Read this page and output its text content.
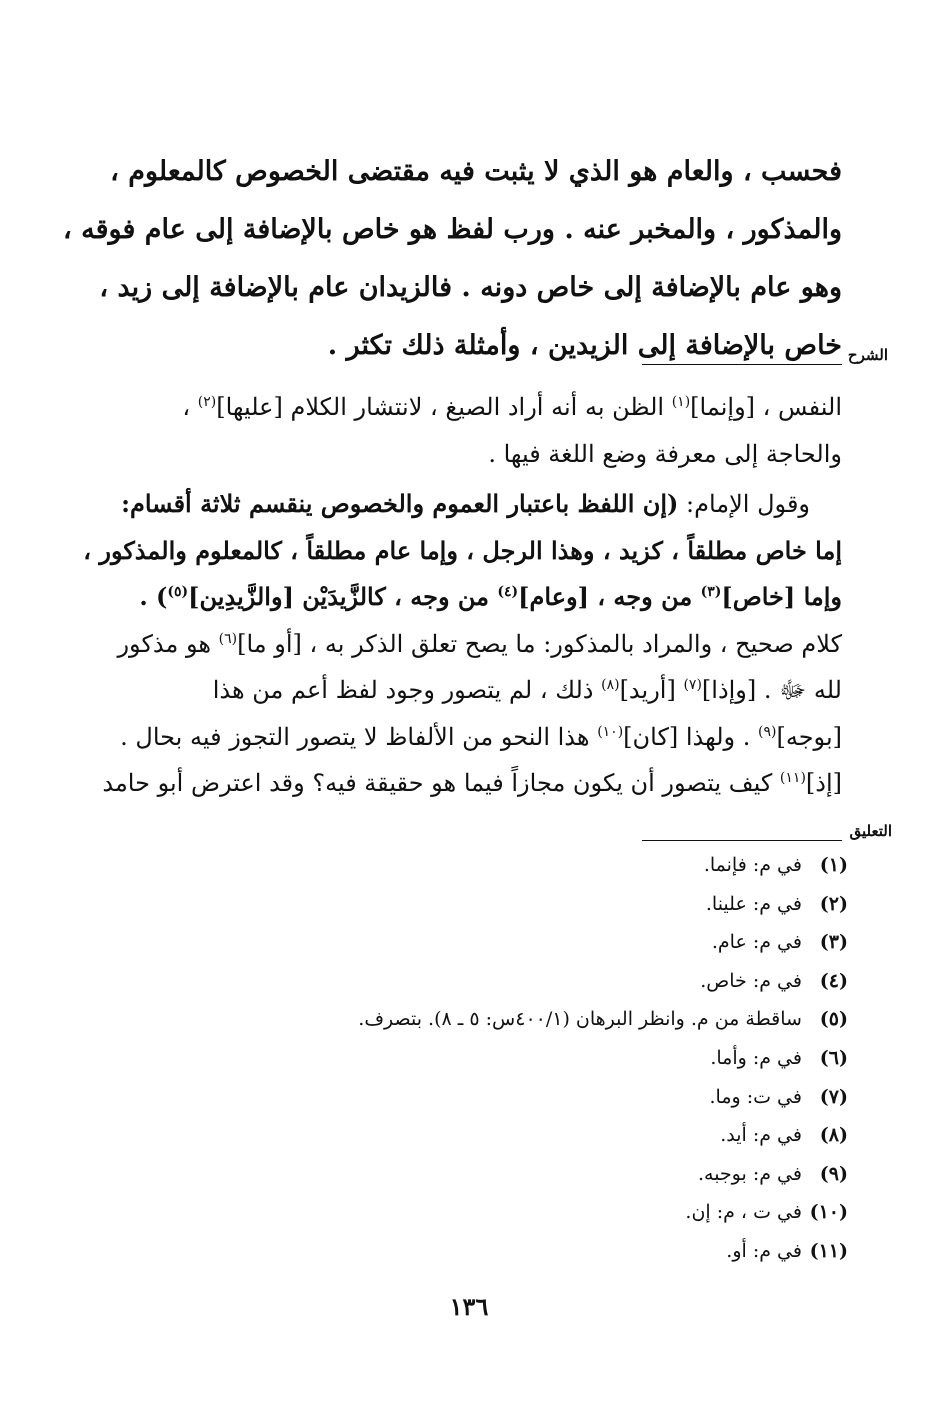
فحسب ، والعام هو الذي لا يثبت فيه مقتضى الخصوص كالمعلوم ،
والمذكور ، والمخبر عنه . ورب لفظ هو خاص بالإضافة إلى عام فوقه ،
وهو عام بالإضافة إلى خاص دونه . فالزيدان عام بالإضافة إلى زيد ،
خاص بالإضافة إلى الزيدين ، وأمثلة ذلك تكثر . الشرح
النفس ، [وإنما]$^{(١)}$ الظن به أنه أراد الصيغ ، لانتشار الكلام [عليها]$^{(٢)}$ ،
والحاجة إلى معرفة وضع اللغة فيها .
وقول الإمام: (إن اللفظ باعتبار العموم والخصوص ينقسم ثلاثة أقسام:
إما خاص مطلقاً ، كزيد ، وهذا الرجل ، وإما عام مطلقاً ، كالمعلوم والمذكور ،
وإما [خاص]$^{(٣)}$ من وجه ، [وعام]$^{(٤)}$ من وجه ، كالزَّيدَيْن [والزَّيدِين]$^{(٥)}$) .
كلام صحيح ، والمراد بالمذكور: ما يصح تعلق الذكر به ، [أو ما]$^{(٦)}$ هو مذكور
لله ﷻ . [وإذا]$^{(٧)}$ [أريد]$^{(٨)}$ ذلك ، لم يتصور وجود لفظ أعم من هذا
[بوجه]$^{(٩)}$ . ولهذا [كان]$^{(١٠)}$ هذا النحو من الألفاظ لا يتصور التجوز فيه بحال .
[إذ]$^{(١١)}$ كيف يتصور أن يكون مجازاً فيما هو حقيقة فيه؟ وقد اعترض أبو حامد
التعليق
(١) في م: فإنما.
(٢) في م: علينا.
(٣) في م: عام.
(٤) في م: خاص.
(٥) ساقطة من م. وانظر البرهان (٤٠٠/١س: ٥ ـ ٨). بتصرف.
(٦) في م: وأما.
(٧) في ت: وما.
(٨) في م: أيد.
(٩) في م: بوجبه.
(١٠) في ت ، م: إن.
(١١) في م: أو.
١٣٦
